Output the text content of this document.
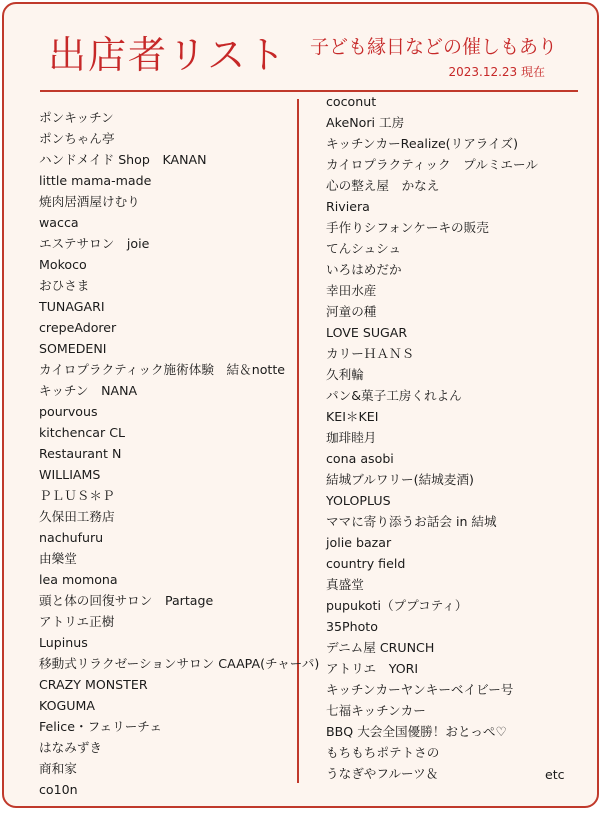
出店者リスト 子ども縁日などの催しもあり
2023.12.23 現在
ポンキッチン
ポンちゃん亭
ハンドメイド Shop　KANAN
little mama-made
焼肉居酒屋けむり
wacca
エステサロン　joie
Mokoco
おひさま
TUNAGARI
crepeAdorer
SOMEDENI
カイロプラクティック施術体験　結＆notte
キッチン　NANA
pourvous
kitchencar CL
Restaurant N
WILLIAMS
ＰＬＵＳ＊Ｐ
久保田工務店
nachufuru
由樂堂
lea momona
頭と体の回復サロン　Partage
アトリエ正樹
Lupinus
移動式リラクゼーションサロン CAAPA(チャーパ)
CRAZY MONSTER
KOGUMA
Felice・フェリーチェ
はなみずき
商和家
co10n
coconut
AkeNori 工房
キッチンカーRealize(リアライズ)
カイロプラクティック　プルミエール
心の整え屋　かなえ
Riviera
手作りシフォンケーキの販売
てんシュシュ
いろはめだか
幸田水産
河童の種
LOVE SUGAR
カリーＨＡＮＳ
久利輪
パン&菓子工房くれよん
KEI＊KEI
珈琲睦月
cona asobi
結城ブルワリー(結城麦酒)
YOLOPLUS
ママに寄り添うお話会 in 結城
jolie bazar
country field
真盛堂
pupukoti（ププコティ）
35Photo
デニム屋 CRUNCH
アトリエ　YORI
キッチンカーヤンキーベイビー号
七福キッチンカー
BBQ 大会全国優勝！おとっぺ♡
もちもちポテトさの
うなぎやフルーツ＆	etc
